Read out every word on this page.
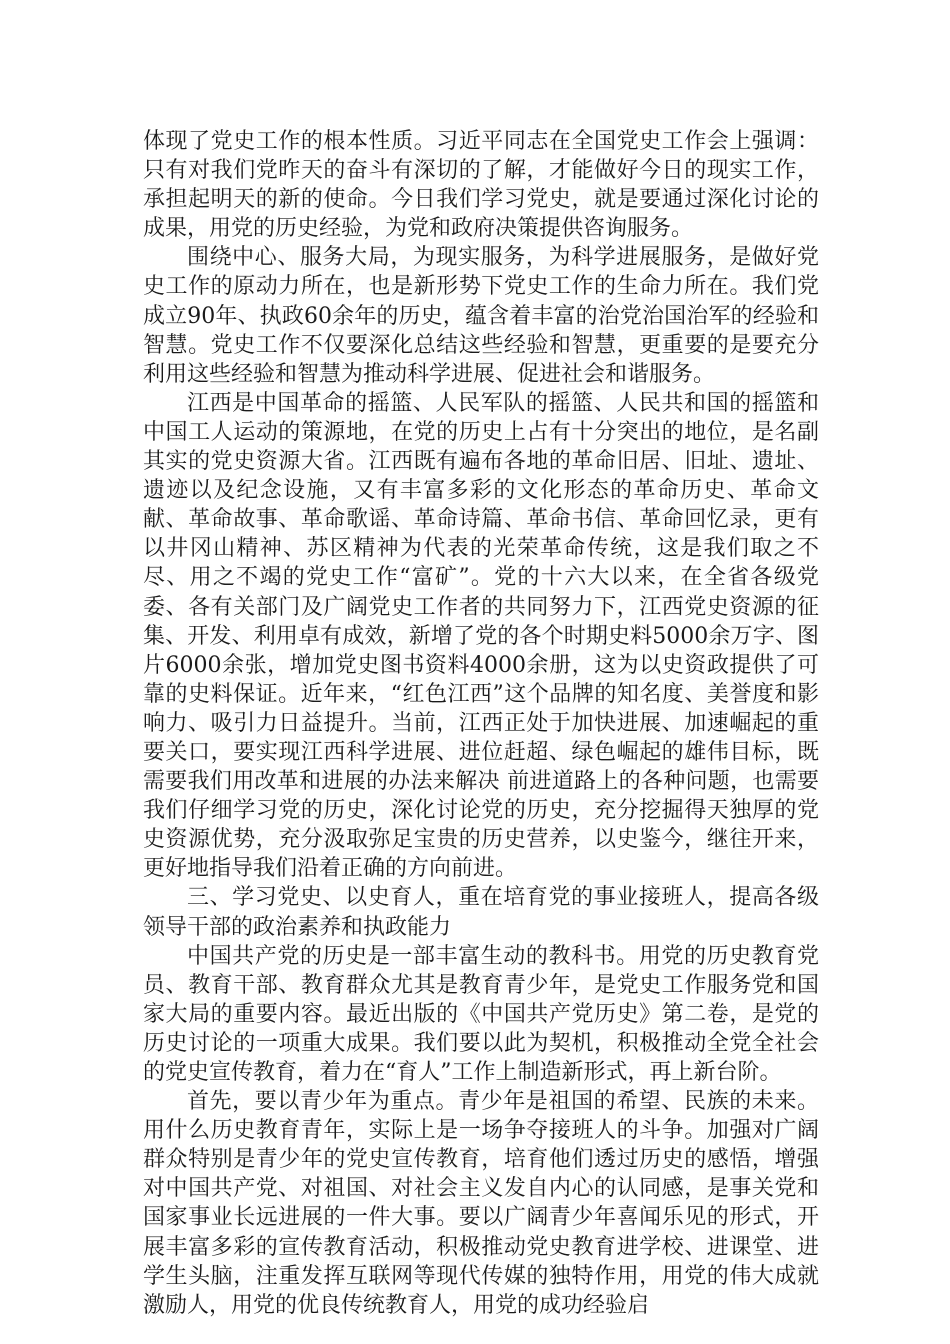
体现了党史工作的根本性质。习近平同志在全国党史工作会上强调：只有对我们党昨天的奋斗有深切的了解，才能做好今日的现实工作，承担起明天的新的使命。今日我们学习党史，就是要通过深化讨论的成果，用党的历史经验，为党和政府决策提供咨询服务。

围绕中心、服务大局，为现实服务，为科学进展服务，是做好党史工作的原动力所在，也是新形势下党史工作的生命力所在。我们党成立90年、执政60余年的历史，蕴含着丰富的治党治国治军的经验和智慧。党史工作不仅要深化总结这些经验和智慧，更重要的是要充分利用这些经验和智慧为推动科学进展、促进社会和谐服务。

江西是中国革命的摇篮、人民军队的摇篮、人民共和国的摇篮和中国工人运动的策源地，在党的历史上占有十分突出的地位，是名副其实的党史资源大省。江西既有遍布各地的革命旧居、旧址、遗址、遗迹以及纪念设施，又有丰富多彩的文化形态的革命历史、革命文献、革命故事、革命歌谣、革命诗篇、革命书信、革命回忆录，更有以井冈山精神、苏区精神为代表的光荣革命传统，这是我们取之不尽、用之不竭的党史工作“富矿”。党的十六大以来，在全省各级党委、各有关部门及广阔党史工作者的共同努力下，江西党史资源的征集、开发、利用卓有成效，新增了党的各个时期史料5000余万字、图片6000余张，增加党史图书资料4000余册，这为以史资政提供了可靠的史料保证。近年来，“红色江西”这个品牌的知名度、美誉度和影响力、吸引力日益提升。当前，江西正处于加快进展、加速崛起的重要关口，要实现江西科学进展、进位赶超、绿色崛起的雄伟目标，既需要我们用改革和进展的办法来解决 前进道路上的各种问题，也需要我们仔细学习党的历史，深化讨论党的历史，充分挖掘得天独厚的党史资源优势，充分汲取弥足宝贵的历史营养，以史鉴今，继往开来，更好地指导我们沿着正确的方向前进。

三、学习党史、以史育人，重在培育党的事业接班人，提高各级领导干部的政治素养和执政能力

中国共产党的历史是一部丰富生动的教科书。用党的历史教育党员、教育干部、教育群众尤其是教育青少年，是党史工作服务党和国家大局的重要内容。最近出版的《中国共产党历史》第二卷，是党的历史讨论的一项重大成果。我们要以此为契机，积极推动全党全社会的党史宣传教育，着力在“育人”工作上制造新形式，再上新台阶。

首先，要以青少年为重点。青少年是祖国的希望、民族的未来。用什么历史教育青年，实际上是一场争夺接班人的斗争。加强对广阔群众特别是青少年的党史宣传教育，培育他们透过历史的感悟，增强对中国共产党、对祖国、对社会主义发自内心的认同感，是事关党和国家事业长远进展的一件大事。要以广阔青少年喜闻乐见的形式，开展丰富多彩的宣传教育活动，积极推动党史教育进学校、进课堂、进学生头脑，注重发挥互联网等现代传媒的独特作用，用党的伟大成就激励人，用党的优良传统教育人，用党的成功经验启
